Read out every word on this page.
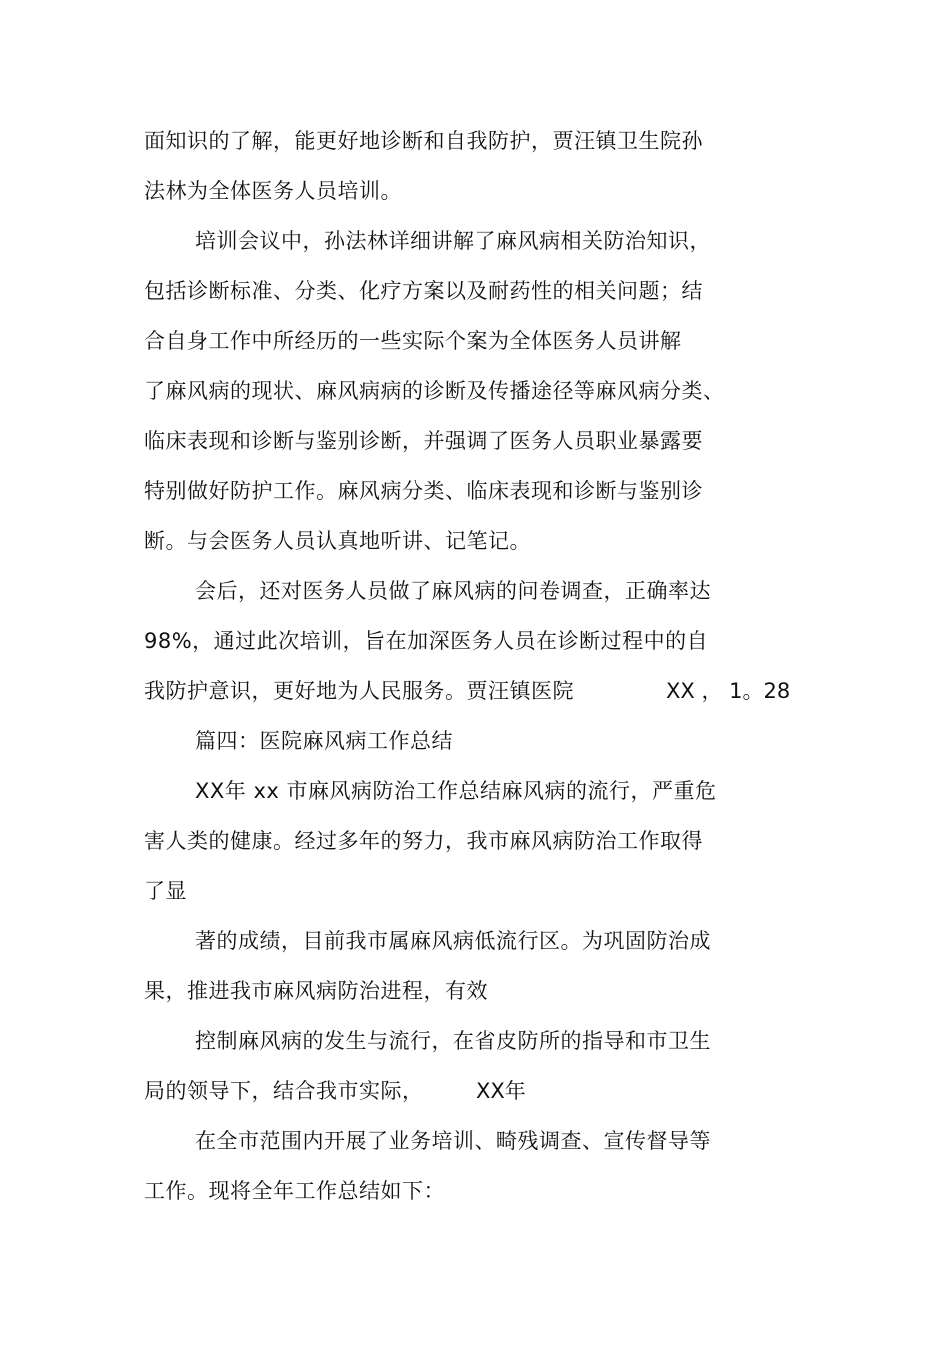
面知识的了解，能更好地诊断和自我防护，贾汪镇卫生院孙
法林为全体医务人员培训。
培训会议中，孙法林详细讲解了麻风病相关防治知识，
包括诊断标准、分类、化疗方案以及耐药性的相关问题；结
合自身工作中所经历的一些实际个案为全体医务人员讲解
了麻风病的现状、麻风病病的诊断及传播途径等麻风病分类、
临床表现和诊断与鉴别诊断，并强调了医务人员职业暴露要
特别做好防护工作。麻风病分类、临床表现和诊断与鉴别诊
断。与会医务人员认真地听讲、记笔记。
会后，还对医务人员做了麻风病的问卷调查，正确率达
98%，通过此次培训，旨在加深医务人员在诊断过程中的自
我防护意识，更好地为人民服务。贾汪镇医院	XX ， 1。28
篇四：医院麻风病工作总结
XX年 xx 市麻风病防治工作总结麻风病的流行，严重危
害人类的健康。经过多年的努力，我市麻风病防治工作取得
了显
著的成绩，目前我市属麻风病低流行区。为巩固防治成
果，推进我市麻风病防治进程，有效
控制麻风病的发生与流行，在省皮防所的指导和市卫生
局的领导下，结合我市实际，	XX年
在全市范围内开展了业务培训、畸残调查、宣传督导等
工作。现将全年工作总结如下：
